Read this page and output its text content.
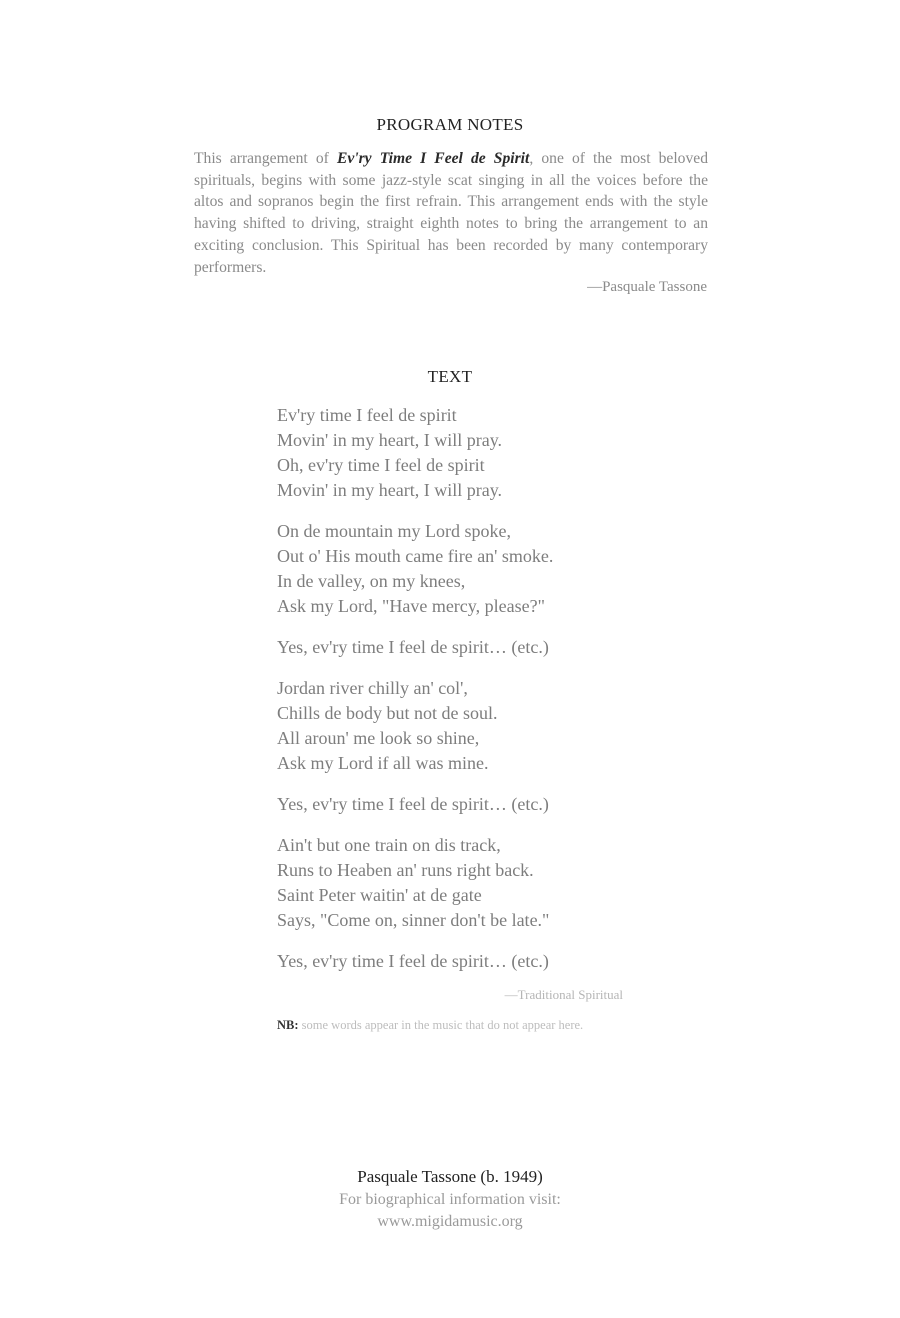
PROGRAM NOTES
This arrangement of Ev'ry Time I Feel de Spirit, one of the most beloved spirituals, begins with some jazz-style scat singing in all the voices before the altos and sopranos begin the first refrain. This arrangement ends with the style having shifted to driving, straight eighth notes to bring the arrangement to an exciting conclusion. This Spiritual has been recorded by many contemporary performers.
—Pasquale Tassone
TEXT
Ev'ry time I feel de spirit
Movin' in my heart, I will pray.
Oh, ev'ry time I feel de spirit
Movin' in my heart, I will pray.
On de mountain my Lord spoke,
Out o' His mouth came fire an' smoke.
In de valley, on my knees,
Ask my Lord, "Have mercy, please?"
Yes, ev'ry time I feel de spirit… (etc.)
Jordan river chilly an' col',
Chills de body but not de soul.
All aroun' me look so shine,
Ask my Lord if all was mine.
Yes, ev'ry time I feel de spirit… (etc.)
Ain't but one train on dis track,
Runs to Heaben an' runs right back.
Saint Peter waitin' at de gate
Says, "Come on, sinner don't be late."
Yes, ev'ry time I feel de spirit… (etc.)
—Traditional Spiritual
NB: some words appear in the music that do not appear here.
Pasquale Tassone (b. 1949)
For biographical information visit:
www.migidamusic.org
